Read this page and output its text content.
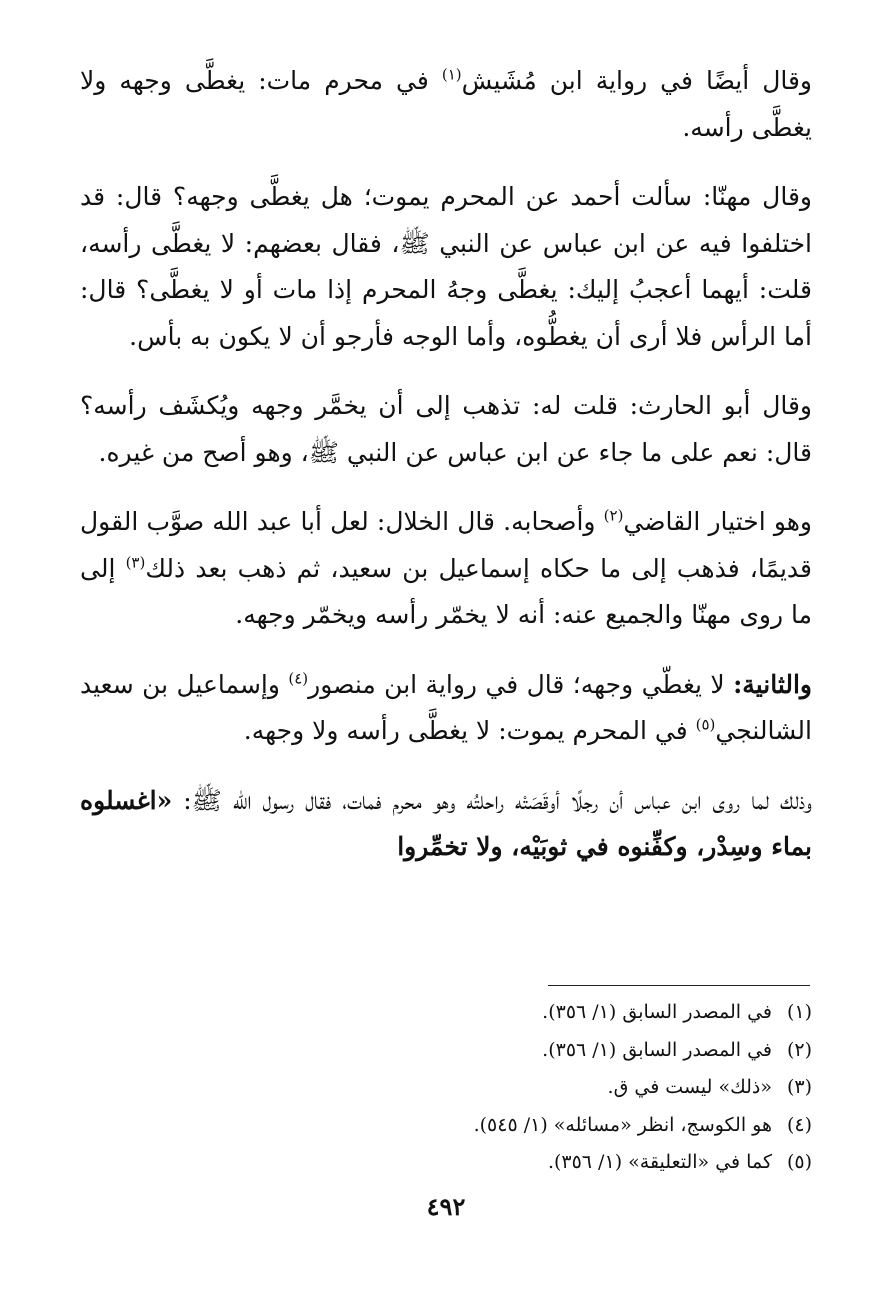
وقال أيضًا في رواية ابن مُشَيش$^{(١)}$ في محرم مات: يغطَّى وجهه ولا يغطَّى رأسه.

وقال مهنّا: سألت أحمد عن المحرم يموت؛ هل يغطَّى وجهه؟ قال: قد اختلفوا فيه عن ابن عباس عن النبي ﷺ، فقال بعضهم: لا يغطَّى رأسه، قلت: أيهما أعجبُ إليك: يغطَّى وجهُ المحرم إذا مات أو لا يغطَّى؟ قال: أما الرأس فلا أرى أن يغطُّوه، وأما الوجه فأرجو أن لا يكون به بأس.

وقال أبو الحارث: قلت له: تذهب إلى أن يخمَّر وجهه ويُكشَف رأسه؟ قال: نعم على ما جاء عن ابن عباس عن النبي ﷺ، وهو أصح من غيره.

وهو اختيار القاضي$^{(٢)}$ وأصحابه. قال الخلال: لعل أبا عبد الله صوَّب القول قديمًا، فذهب إلى ما حكاه إسماعيل بن سعيد، ثم ذهب بعد ذلك$^{(٣)}$ إلى ما روى مهنّا والجميع عنه: أنه لا يخمّر رأسه ويخمّر وجهه.

والثانية: لا يغطّي وجهه؛ قال في رواية ابن منصور$^{(٤)}$ وإسماعيل بن سعيد الشالنجي$^{(٥)}$ في المحرم يموت: لا يغطَّى رأسه ولا وجهه.

وذلك لما روى ابن عباس أن رجلًا أوقَصَتْه راحلتُه وهو محرم فمات، فقال رسول الله ﷺ: «اغسلوه بماء وسِدْر، وكفِّنوه في ثوبَيْه، ولا تخمِّروا

(١)في المصدر السابق (١/ ٣٥٦).

(٢)في المصدر السابق (١/ ٣٥٦).

(٣)«ذلك» ليست في ق.

(٤)هو الكوسج، انظر «مسائله» (١/ ٥٤٥).

(٥)كما في «التعليقة» (١/ ٣٥٦).

٤٩٢
